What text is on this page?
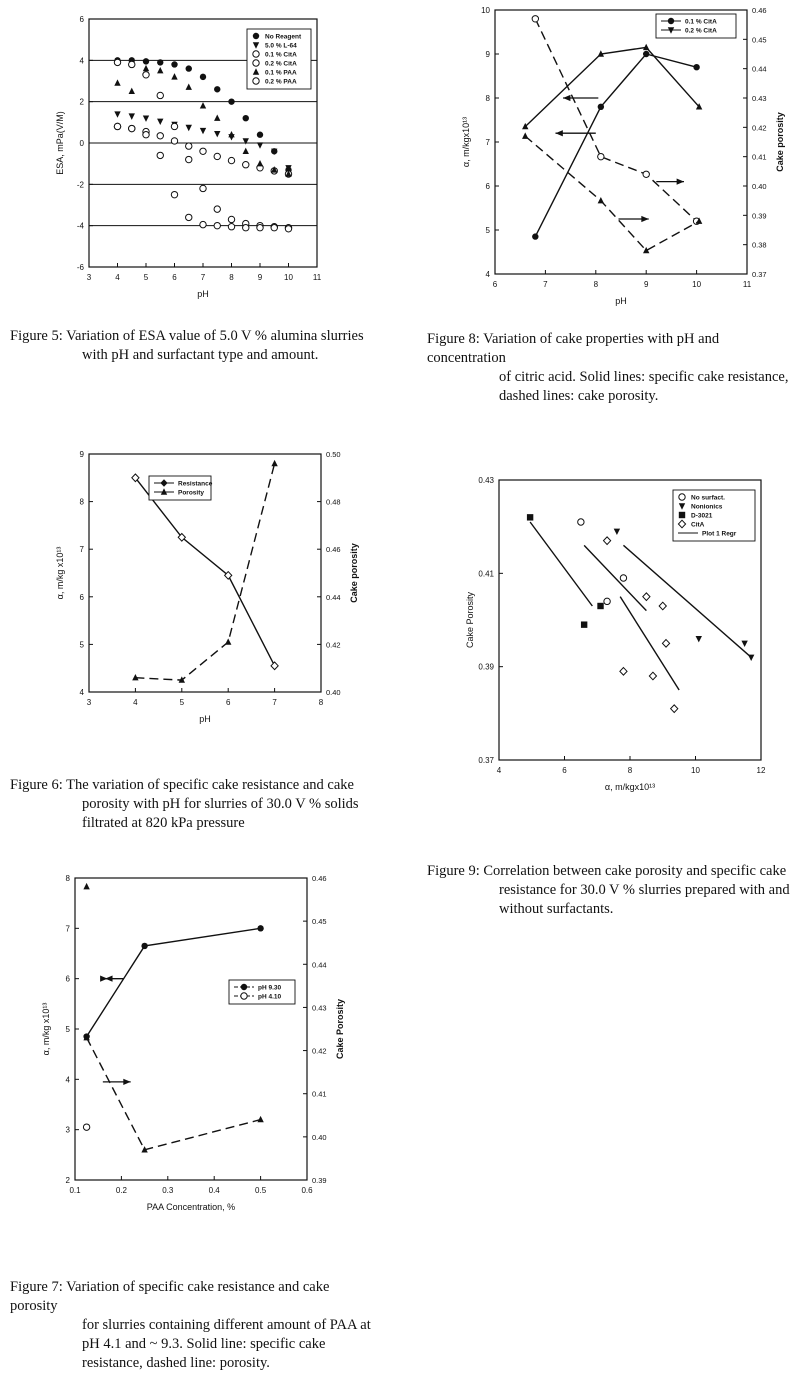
3	4	5	6	7	8	9	10 11
-6
-4
-2
0
2
4
6
pH
ESA, mPa(V/M)
No Reagent
5.0 % L-64
0.1 % CitA
0.2 % CitA
0.1 % PAA
0.2 % PAA
Figure 5: Variation of ESA value of 5.0 V % alumina slurries
with pH and surfactant type and amount.
6	7	8	9	10	11
4
5
6
7
8
9
10
0.37
0.38
0.39
0.40
0.41
0.42
0.43
0.44
0.45
0.46
pH
α, m/kgx10¹³	Cake porosity
0.1 % CitA
0.2 % CitA
Figure 8: Variation of cake properties with pH and concentration
of citric acid. Solid lines: specific cake resistance, dashed lines: cake porosity.
3	4	5	6	7	8
4
5
6
7
8
9
0.40
0.42
0.44
0.46
0.48
0.50
pH
α, m/kg x10¹³	Cake porosity
Resistance
Porosity
Figure 6: The variation of specific cake resistance and cake
porosity with pH for slurries of 30.0 V % solids filtrated at 820 kPa pressure
4	6	8	10	12
0.37
0.39
0.41
0.43
α, m/kgx10¹³
Cake Porosity
No surfact.
Nonionics
D-3021
CitA
Plot 1 Regr
Figure 9: Correlation between cake porosity and specific cake
resistance for 30.0 V % slurries prepared with and without surfactants.
0.1	0.2	0.3	0.4	0.5	0.6
2
3
4
5
6
7
8
0.39
0.40
0.41
0.42
0.43
0.44
0.45
0.46
PAA Concentration, %
α, m/kg x10¹³	Cake Porosity
pH 9.30
pH 4.10
Figure 7: Variation of specific cake resistance and cake porosity
for slurries containing different amount of PAA at pH 4.1 and ~ 9.3. Solid line: specific cake resistance, dashed line: porosity.
